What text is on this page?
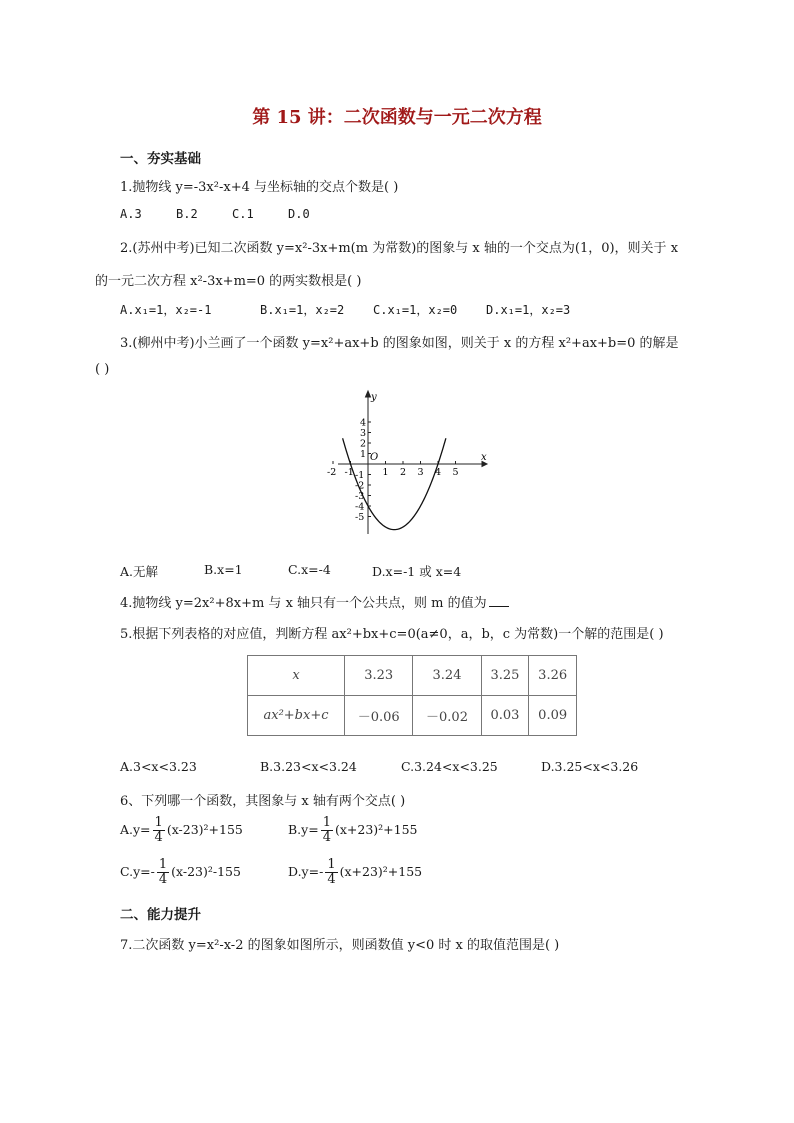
第 15 讲：二次函数与一元二次方程
一、夯实基础
1.抛物线 y=-3x²-x+4 与坐标轴的交点个数是( )
A.3	B.2	C.1	D.0
2.(苏州中考)已知二次函数 y=x²-3x+m(m 为常数)的图象与 x 轴的一个交点为(1，0)，则关于 x
的一元二次方程 x²-3x+m=0 的两实数根是( )
A.x₁=1，x₂=-1	B.x₁=1，x₂=2 C.x₁=1，x₂=0 D.x₁=1，x₂=3
3.(柳州中考)小兰画了一个函数 y=x²+ax+b 的图象如图，则关于 x 的方程 x²+ax+b=0 的解是
( )
-2 -1	1 2 3 4 5
4
3
2
1
-1
-2
-3
-4
-5
x
y
O
A.无解	B.x=1	C.x=-4	D.x=-1 或 x=4
4.抛物线 y=2x²+8x+m 与 x 轴只有一个公共点，则 m 的值为
5.根据下列表格的对应值，判断方程 ax²+bx+c=0(a≠0，a，b，c 为常数)一个解的范围是( )
x	3.23	3.24	3.25	3.26
ax²+bx+c	－0.06	－0.02	0.03	0.09
A.3<x<3.23	B.3.23<x<3.24	C.3.24<x<3.25	D.3.25<x<3.26
6、下列哪一个函数，其图象与 x 轴有两个交点( )
$A.y= \frac{1}{4} (x-23)^2+155$	$B.y= \frac{1}{4} (x+23)^2+155$
$C.y=- \frac{1}{4} (x-23)^2-155$	$D.y=- \frac{1}{4} (x+23)^2+155$
二、能力提升
7.二次函数 y=x²-x-2 的图象如图所示，则函数值 y<0 时 x 的取值范围是( )
